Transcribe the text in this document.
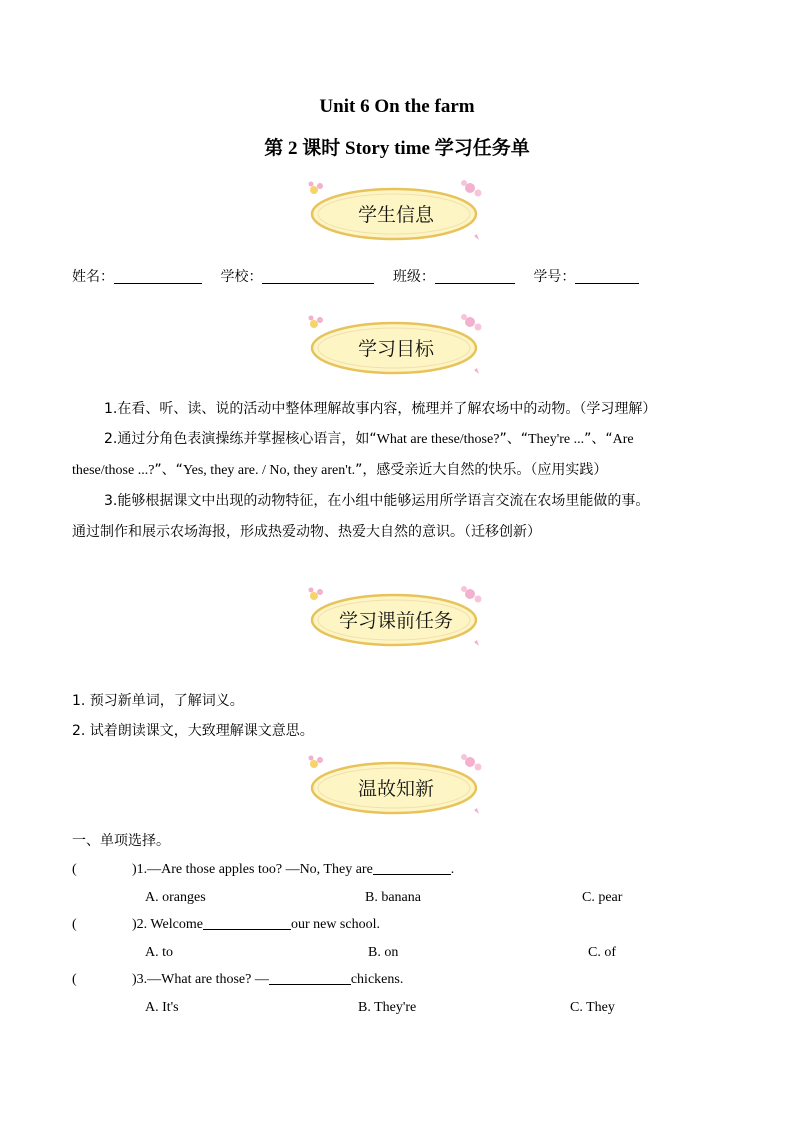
Unit 6 On the farm
第 2 课时 Story time 学习任务单
学生信息
姓名：	学校：	班级：	学号：
学习目标
1.在看、听、读、说的活动中整体理解故事内容，梳理并了解农场中的动物。（学习理解）
2.通过分角色表演操练并掌握核心语言，如“What are these/those?”、“They're ...”、“Are
these/those ...?”、“Yes, they are. / No, they aren't.”，感受亲近大自然的快乐。（应用实践）
3.能够根据课文中出现的动物特征，在小组中能够运用所学语言交流在农场里能做的事。
通过制作和展示农场海报，形成热爱动物、热爱大自然的意识。（迁移创新）
学习课前任务
1. 预习新单词，了解词义。
2. 试着朗读课文，大致理解课文意思。
温故知新
一、单项选择。
(	)1.—Are those apples too? —No, They are	.
A. oranges	B. banana	C. pear
(	)2. Welcome	our new school.
A. to	B. on	C. of
(	)3.—What are those? —	chickens.
A. It's	B. They're	C. They
